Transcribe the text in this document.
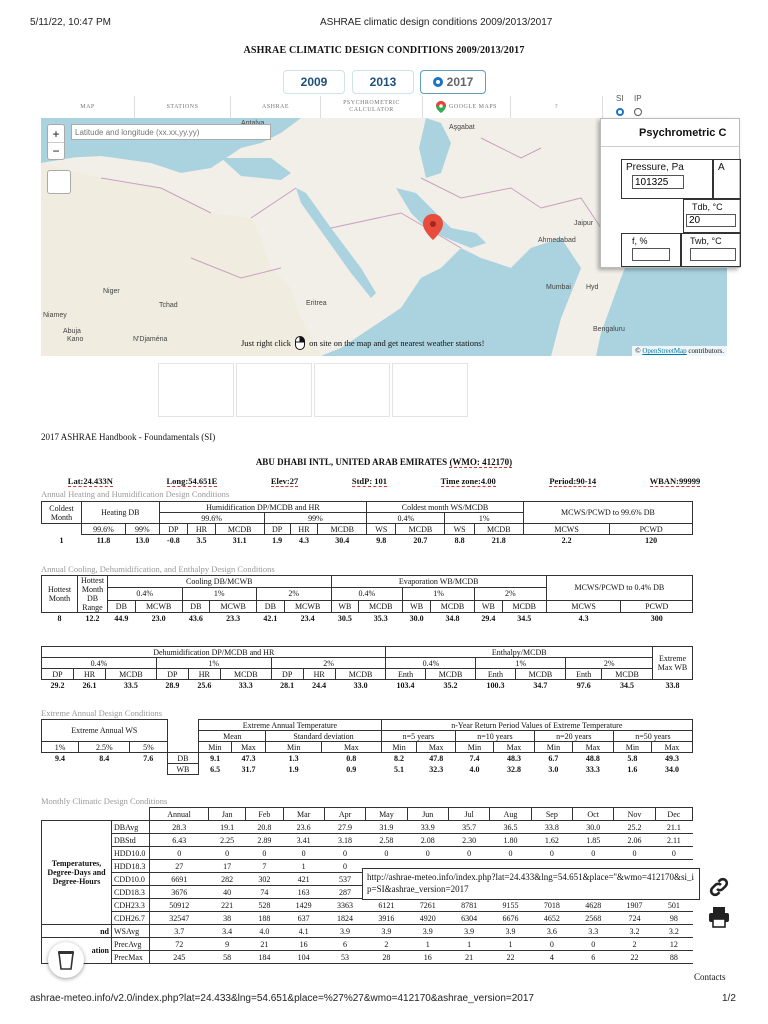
5/11/22, 10:47 PM	ASHRAE climatic design conditions 2009/2013/2017
ASHRAE CLIMATIC DESIGN CONDITIONS 2009/2013/2017
2009	2013	2017
MAP	STATIONS	ASHRAE
PSYCHROMETRIC CALCULATOR
GOOGLE MAPS	?
SI IP
Aşgabat
Niger
Tchad
Niamey
Kano	N'Djaména
Mumbai
Ahmedabad
Bengaluru
Jaipur
Hyd
Eritrea
Abuja
+
−
Latitude and longitude (xx.xx,yy.yy)
Just right click on site on the map and get nearest weather stations!
© OpenStreetMap contributors.
Psychrometric C
Pressure, Pa
101325	A
Tdb, °C
20
f, %	Twb, °C
2017 ASHRAE Handbook - Foundamentals (SI)
ABU DHABI INTL, UNITED ARAB EMIRATES (WMO: 412170)
Lat:24.433N	Long:54.651E	Elev:27	StdP: 101	Time zone:4.00	Period:90-14	WBAN:99999
Annual Heating and Humidification Design Conditions
Coldest Month	Heating DB		Humidification DP/MCDB and HR						Coldest month WS/MCDB				MCWS/PCWD to 99.6% DB	
			99.6%			99%			0.4%		1%			
	99.6%	99%	DP	HR	MCDB	DP	HR	MCDB	WS	MCDB	WS	MCDB	MCWS	PCWD
1	11.8	13.0	-0.8	3.5	31.1	1.9	4.3	30.4	9.8	20.7	8.8	21.8	2.2	120
Annual Cooling, Dehumidification, and Enthalpy Design Conditions
Hottest Month	Hottest Month DB Range	Cooling DB/MCWB						Evaporation WB/MCDB						MCWS/PCWD to 0.4% DB	
		0.4%		1%		2%		0.4%		1%		2%			
		DB	MCWB	DB	MCWB	DB	MCWB	WB	MCDB	WB	MCDB	WB	MCDB	MCWS	PCWD
8	12.2	44.9	23.0	43.6	23.3	42.1	23.4	30.5	35.3	30.0	34.8	29.4	34.5	4.3	300
Dehumidification DP/MCDB and HR									Enthalpy/MCDB						Extreme Max WB
0.4%			1%			2%			0.4%		1%		2%		
DP	HR	MCDB	DP	HR	MCDB	DP	HR	MCDB	Enth	MCDB	Enth	MCDB	Enth	MCDB	
29.2	26.1	33.5	28.9	25.6	33.3	28.1	24.4	33.0	103.4	35.2	100.3	34.7	97.6	34.5	33.8
Extreme Annual Design Conditions
Extreme Annual WS				Extreme Annual Temperature				n-Year Return Period Values of Extreme Temperature							
				Mean		Standard deviation		n=5 years		n=10 years		n=20 years		n=50 years	
1%	2.5%	5%		Min	Max	Min	Max	Min	Max	Min	Max	Min	Max	Min	Max
9.4	8.4	7.6	DB	9.1	47.3	1.3	0.8	8.2	47.8	7.4	48.3	6.7	48.8	5.8	49.3
			WB	6.5	31.7	1.9	0.9	5.1	32.3	4.0	32.8	3.0	33.3	1.6	34.0
Monthly Climatic Design Conditions
		Annual	Jan	Feb	Mar	Apr	May	Jun	Jul	Aug	Sep	Oct	Nov	Dec
Temperatures, Degree-Days and Degree-Hours	DBAvg	28.3	19.1	20.8	23.6	27.9	31.9	33.9	35.7	36.5	33.8	30.0	25.2	21.1
	DBStd	6.43	2.25	2.89	3.41	3.18	2.58	2.08	2.30	1.80	1.62	1.85	2.06	2.11
	HDD10.0	0	0	0	0	0	0	0	0	0	0	0	0	0
	HDD18.3	27	17	7	1	0								
	CDD10.0	6691	282	302	421	537								
	CDD18.3	3676	40	74	163	287								
	CDH23.3	50912	221	528	1429	3363	6121	7261	8781	9155	7018	4628	1907	501
	CDH26.7	32547	38	188	637	1824	3916	4920	6304	6676	4652	2568	724	98
nd	WSAvg	3.7	3.4	4.0	4.1	3.9	3.9	3.9	3.9	3.9	3.6	3.3	3.2	3.2
ation	PrecAvg	72	9	21	16	6	2	1	1	1	0	0	2	12
	PrecMax	245	58	184	104	53	28	16	21	22	4	6	22	88
http://ashrae-meteo.info/index.php?lat=24.433&lng=54.651&place=''&wmo=412170&si_ip=SI&ashrae_version=2017
Contacts
ashrae-meteo.info/v2.0/index.php?lat=24.433&lng=54.651&place=%27%27&wmo=412170&ashrae_version=2017	1/2
